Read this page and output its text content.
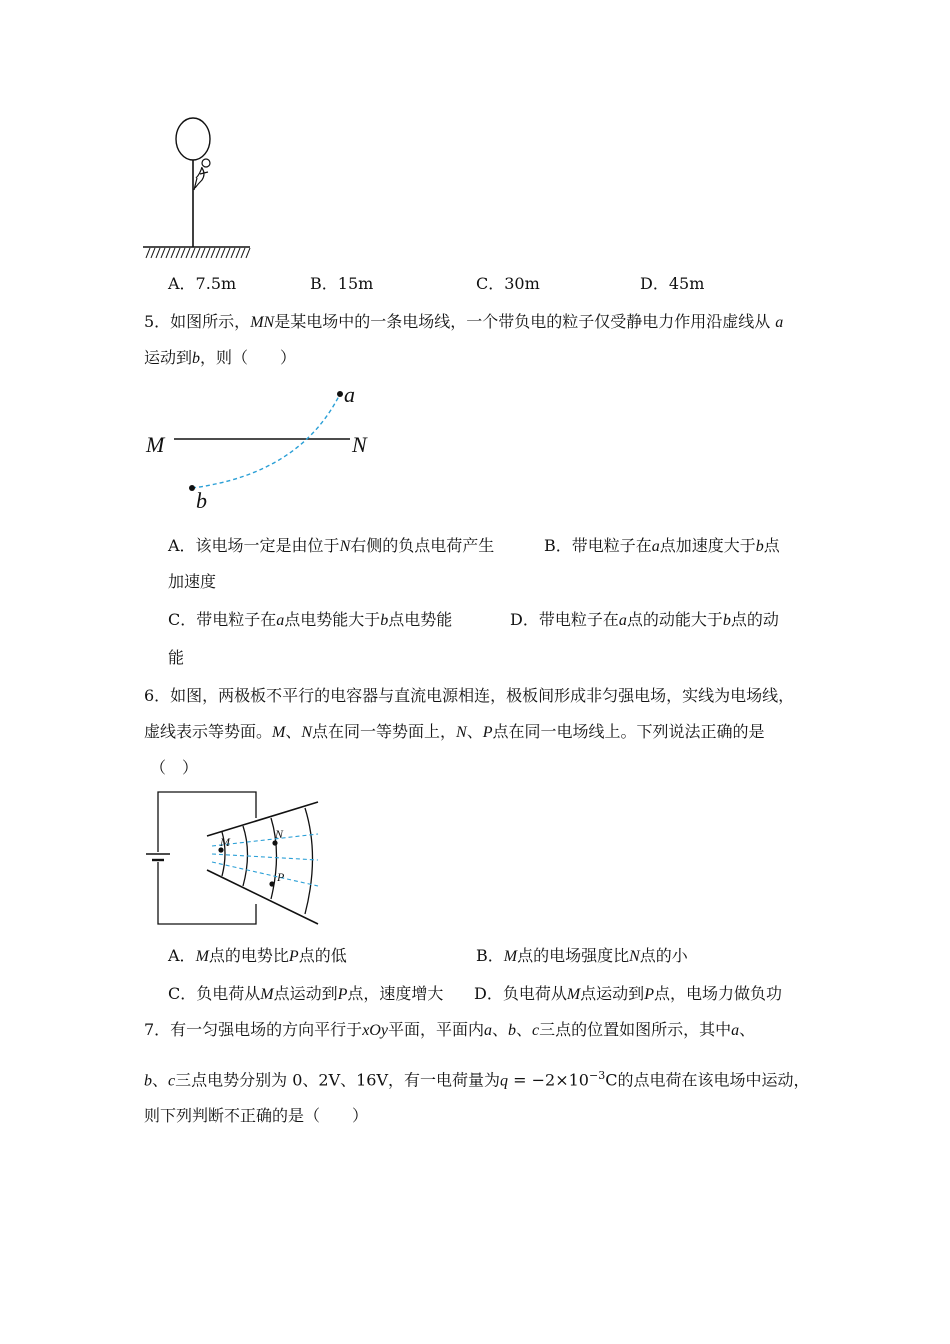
A．7.5m	B．15m	C．30m	D．45m
5．如图所示，MN是某电场中的一条电场线，一个带负电的粒子仅受静电力作用沿虚线从 a
运动到b，则（　　）
M	N
a
b
A．该电场一定是由位于N右侧的负点电荷产生	B．带电粒子在a点加速度大于b点
加速度
C．带电粒子在a点电势能大于b点电势能	D．带电粒子在a点的动能大于b点的动
能
6．如图，两极板不平行的电容器与直流电源相连，极板间形成非匀强电场，实线为电场线，
虚线表示等势面。M、N点在同一等势面上，N、P点在同一电场线上。下列说法正确的是
（　）
M
N
P
A．M点的电势比P点的低	B．M点的电场强度比N点的小
C．负电荷从M点运动到P点，速度增大 D．负电荷从M点运动到P点，电场力做负功
7．有一匀强电场的方向平行于xOy平面，平面内a、b、c三点的位置如图所示，其中a、
b、c三点电势分别为 0、2V、16V，有一电荷量为$q = -2\times 10^{-3}C$的点电荷在该电场中运动，
则下列判断不正确的是（　　）
